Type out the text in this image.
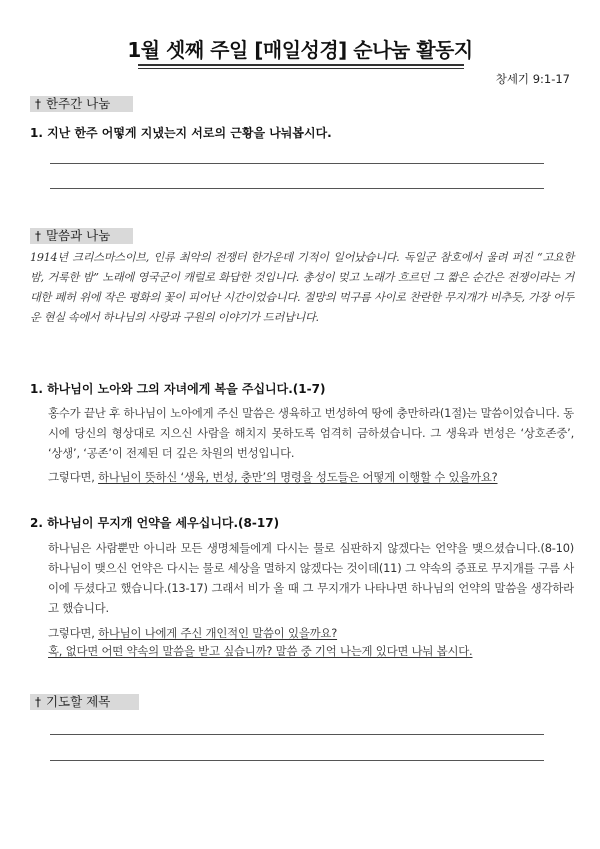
1월 셋째 주일 [매일성경] 순나눔 활동지
창세기 9:1-17
† 한주간 나눔
1. 지난 한주 어떻게 지냈는지 서로의 근황을 나눠봅시다.
† 말씀과 나눔
1914년 크리스마스이브, 인류 최악의 전쟁터 한가운데 기적이 일어났습니다. 독일군 참호에서 울려 퍼진 “고요한 밤, 거룩한 밤” 노래에 영국군이 캐럴로 화답한 것입니다. 총성이 멎고 노래가 흐르던 그 짧은 순간은 전쟁이라는 거대한 폐허 위에 작은 평화의 꽃이 피어난 시간이었습니다. 절망의 먹구름 사이로 찬란한 무지개가 비추듯, 가장 어두운 현실 속에서 하나님의 사랑과 구원의 이야기가 드러납니다.
1. 하나님이 노아와 그의 자녀에게 복을 주십니다.(1-7)
홍수가 끝난 후 하나님이 노아에게 주신 말씀은 생육하고 번성하여 땅에 충만하라(1절)는 말씀이었습니다. 동시에 당신의 형상대로 지으신 사람을 해치지 못하도록 엄격히 금하셨습니다. 그 생육과 번성은 ‘상호존중’, ‘상생’, ‘공존’이 전제된 더 깊은 차원의 번성입니다.
그렇다면, 하나님이 뜻하신 ‘생육, 번성, 충만’의 명령을 성도들은 어떻게 이행할 수 있을까요?
2. 하나님이 무지개 언약을 세우십니다.(8-17)
하나님은 사람뿐만 아니라 모든 생명체들에게 다시는 물로 심판하지 않겠다는 언약을 맺으셨습니다.(8-10) 하나님이 맺으신 언약은 다시는 물로 세상을 멸하지 않겠다는 것이데(11) 그 약속의 증표로 무지개를 구름 사이에 두셨다고 했습니다.(13-17) 그래서 비가 올 때 그 무지개가 나타나면 하나님의 언약의 말씀을 생각하라고 했습니다.
그렇다면, 하나님이 나에게 주신 개인적인 말씀이 있을까요?
혹, 없다면 어떤 약속의 말씀을 받고 싶습니까? 말씀 중 기억 나는게 있다면 나눠 봅시다.
† 기도할 제목
